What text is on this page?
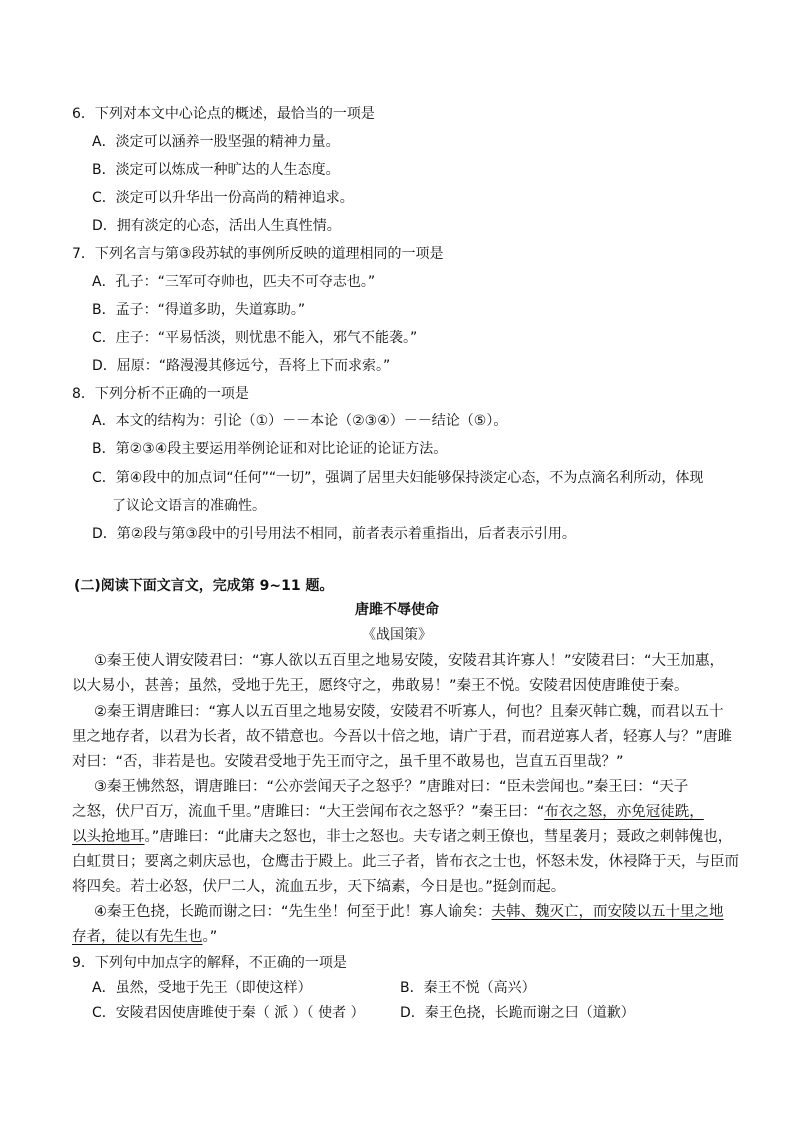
6．下列对本文中心论点的概述，最恰当的一项是
A．淡定可以涵养一股坚强的精神力量。
B．淡定可以炼成一种旷达的人生态度。
C．淡定可以升华出一份高尚的精神追求。
D．拥有淡定的心态，活出人生真性情。
7．下列名言与第③段苏轼的事例所反映的道理相同的一项是
A．孔子：“三军可夺帅也，匹夫不可夺志也。”
B．孟子：“得道多助，失道寡助。”
C．庄子：“平易恬淡，则忧患不能入，邪气不能袭。”
D．屈原：“路漫漫其修远兮，吾将上下而求索。”
8．下列分析不正确的一项是
A．本文的结构为：引论（①）－－本论（②③④）－－结论（⑤）。
B．第②③④段主要运用举例论证和对比论证的论证方法。
C．第④段中的加点词“任何”“一切”，强调了居里夫妇能够保持淡定心态，不为点滴名利所动，体现
了议论文语言的准确性。
D．第②段与第③段中的引号用法不相同，前者表示着重指出，后者表示引用。
(二)阅读下面文言文，完成第 9~11 题。
唐雎不辱使命
《战国策》
①秦王使人谓安陵君曰：“寡人欲以五百里之地易安陵，安陵君其许寡人！”安陵君曰：“大王加惠，
以大易小，甚善；虽然，受地于先王，愿终守之，弗敢易！”秦王不悦。安陵君因使唐雎使于秦。
②秦王谓唐雎曰：“寡人以五百里之地易安陵，安陵君不听寡人，何也？且秦灭韩亡魏，而君以五十
里之地存者，以君为长者，故不错意也。今吾以十倍之地，请广于君，而君逆寡人者，轻寡人与？”唐雎
对曰：“否，非若是也。安陵君受地于先王而守之，虽千里不敢易也，岂直五百里哉？”
③秦王怫然怒，谓唐雎曰：“公亦尝闻天子之怒乎？”唐雎对曰：“臣未尝闻也。”秦王曰：“天子
之怒，伏尸百万，流血千里。”唐雎曰：“大王尝闻布衣之怒乎？”秦王曰：“布衣之怒，亦免冠徒跣，
以头抢地耳。”唐雎曰：“此庸夫之怒也，非士之怒也。夫专诸之刺王僚也，彗星袭月；聂政之刺韩傀也，
白虹贯日；要离之刺庆忌也，仓鹰击于殿上。此三子者，皆布衣之士也，怀怒未发，休祲降于天，与臣而
将四矣。若士必怒，伏尸二人，流血五步，天下缟素，今日是也。”挺剑而起。
④秦王色挠，长跪而谢之曰：“先生坐！何至于此！寡人谕矣：夫韩、魏灭亡，而安陵以五十里之地
存者，徒以有先生也。”
9．下列句中加点字的解释，不正确的一项是
A．虽然，受地于先王（即使这样）	B．秦王不悦（高兴）
C．安陵君因使唐雎使于秦（ 派 ）（ 使者 ）	D．秦王色挠，长跪而谢之曰（道歉）
